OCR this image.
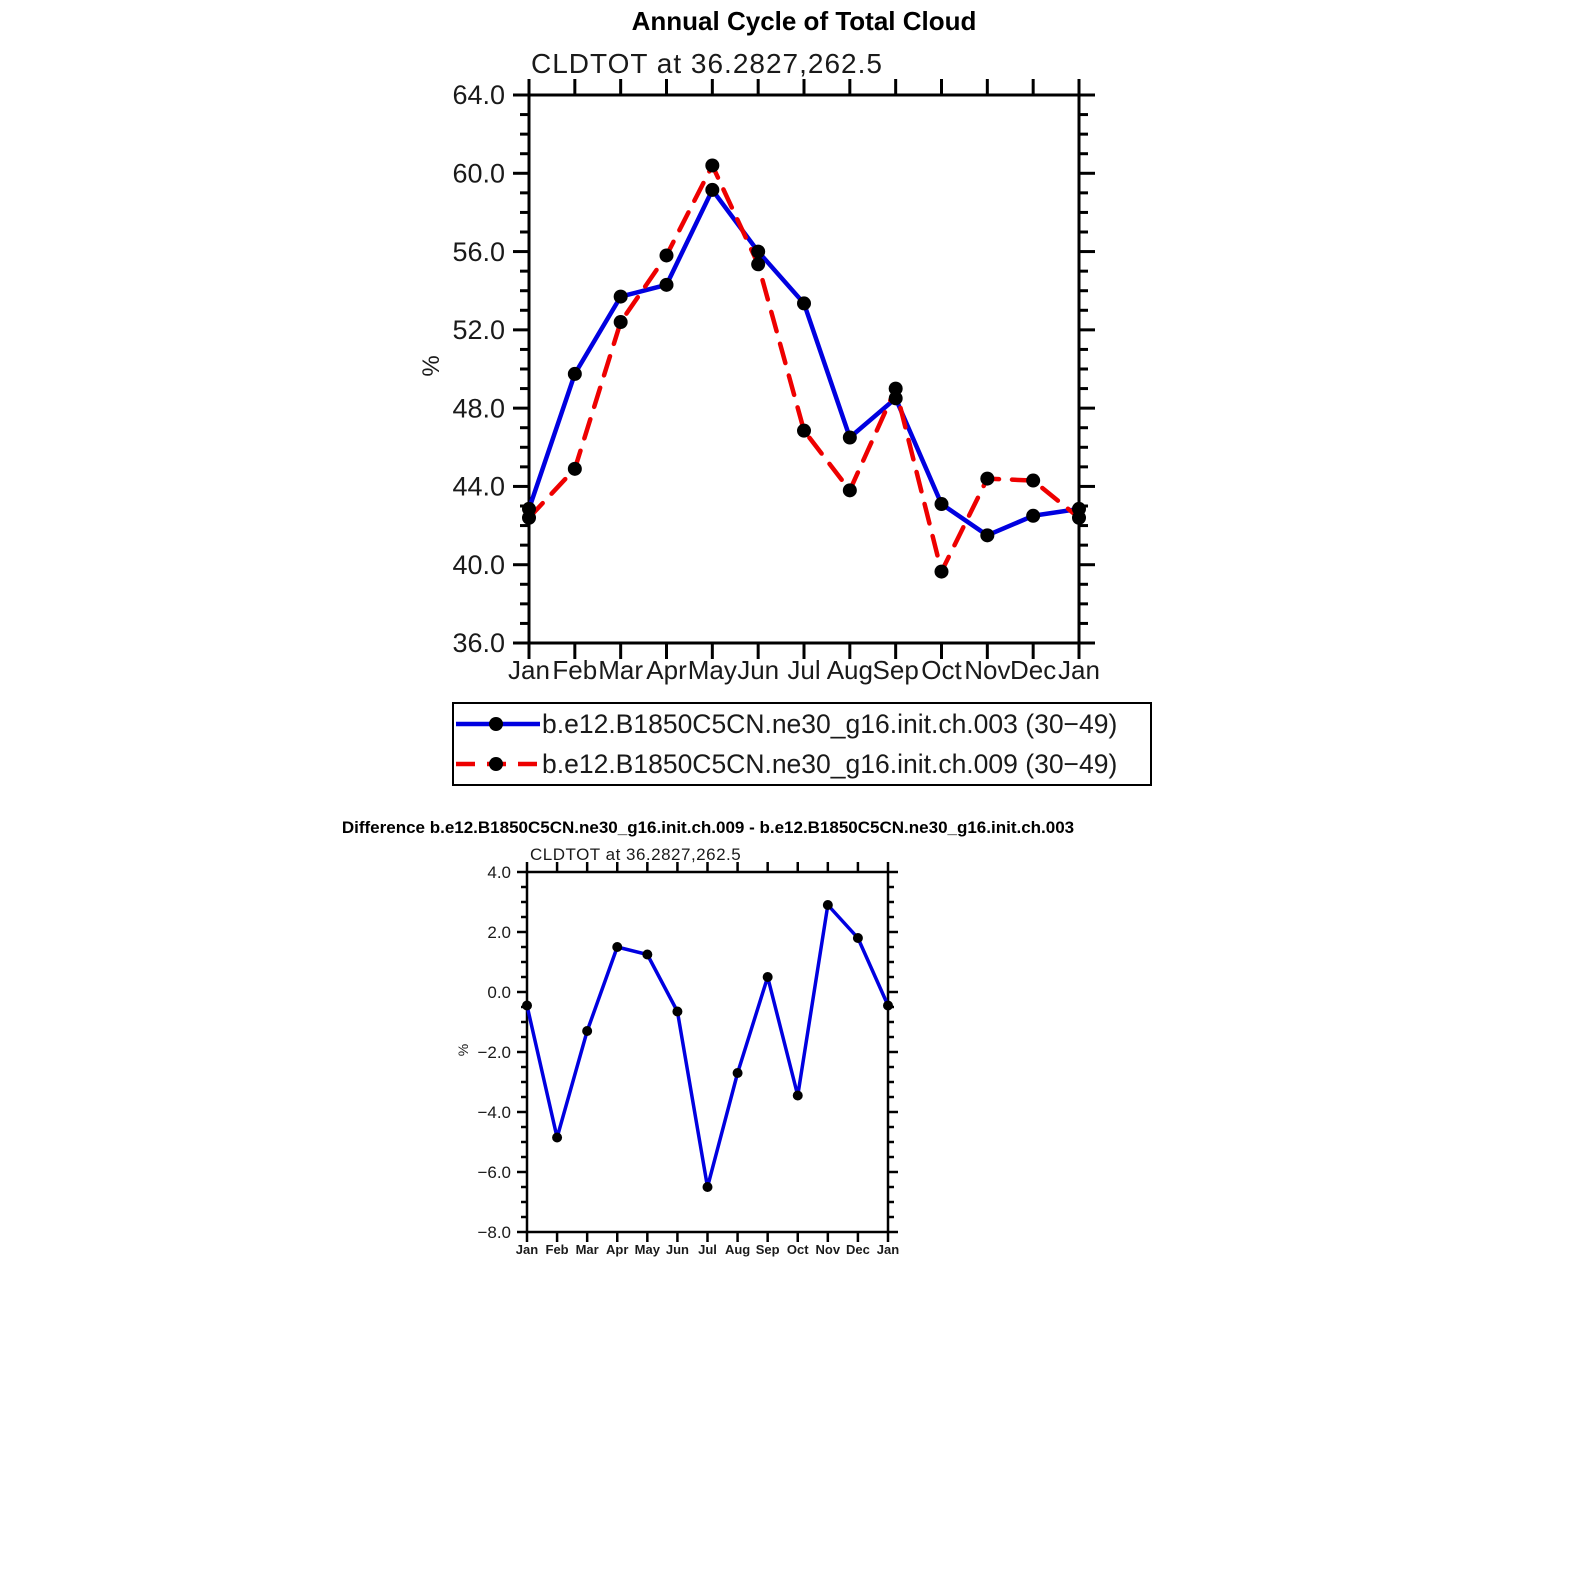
36.0
40.0
44.0
48.0
52.0
56.0
60.0
64.0
Jan Feb Mar Apr May Jun Jul Aug Sep Oct Nov Dec Jan
−8.0
−6.0
−4.0
−2.0
0.0
2.0
4.0
Jan Feb Mar Apr May Jun Jul Aug Sep Oct Nov Dec Jan
Annual Cycle of Total Cloud
CLDTOT at 36.2827,262.5
%
b.e12.B1850C5CN.ne30_g16.init.ch.003 (30−49)
b.e12.B1850C5CN.ne30_g16.init.ch.009 (30−49)
Difference b.e12.B1850C5CN.ne30_g16.init.ch.009 - b.e12.B1850C5CN.ne30_g16.init.ch.003
CLDTOT at 36.2827,262.5
%
